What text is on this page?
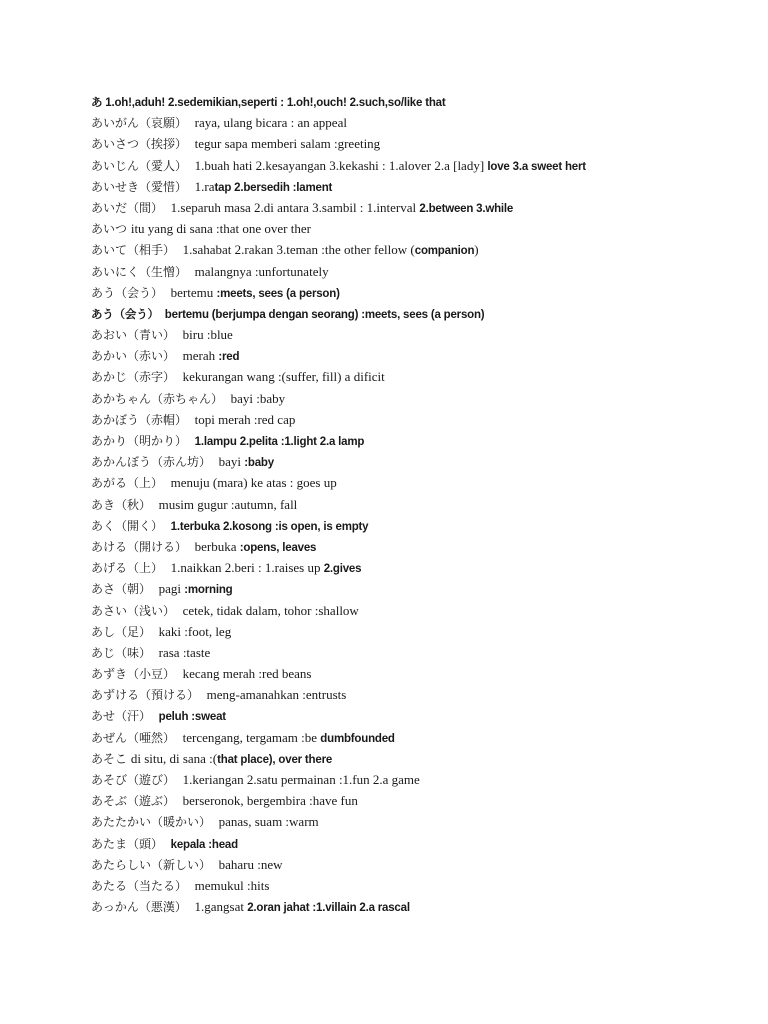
あ 1.oh!,aduh! 2.sedemikian,seperti : 1.oh!,ouch! 2.such,so/like that
あいがん（哀願）  raya, ulang bicara : an appeal
あいさつ（挨拶）  tegur sapa memberi salam :greeting
あいじん（愛人）  1.buah hati 2.kesayangan 3.kekashi : 1.alover 2.a [lady] love 3.a sweet hert
あいせき（愛惜）  1.ratap 2.bersedih :lament
あいだ（間）  1.separuh masa 2.di antara 3.sambil : 1.interval 2.between 3.while
あいつ itu yang di sana :that one over ther
あいて（相手）  1.sahabat 2.rakan 3.teman :the other fellow (companion)
あいにく（生憎）  malangnya :unfortunately
あう（会う）  bertemu :meets, sees (a person)
あう（会う）  bertemu (berjumpa dengan seorang) :meets, sees (a person)
あおい（青い）  biru :blue
あかい（赤い）  merah :red
あかじ（赤字）  kekurangan wang :(suffer, fill) a dificit
あかちゃん（赤ちゃん）  bayi :baby
あかぼう（赤帽）  topi merah :red cap
あかり（明かり）  1.lampu 2.pelita :1.light 2.a lamp
あかんぼう（赤ん坊）  bayi :baby
あがる（上）  menuju (mara) ke atas : goes up
あき（秋）  musim gugur :autumn, fall
あく（開く）  1.terbuka 2.kosong :is open, is empty
あける（開ける）  berbuka :opens, leaves
あげる（上）  1.naikkan 2.beri : 1.raises up 2.gives
あさ（朝）  pagi :morning
あさい（浅い）  cetek, tidak dalam, tohor :shallow
あし（足）  kaki :foot, leg
あじ（味）  rasa :taste
あずき（小豆）  kecang merah :red beans
あずける（預ける）  meng-amanahkan :entrusts
あせ（汗）  peluh :sweat
あぜん（唖然）  tercengang, tergamam :be dumbfounded
あそこ di situ, di sana :(that place), over there
あそび（遊び）  1.keriangan 2.satu permainan :1.fun 2.a game
あそぶ（遊ぶ）  berseronok, bergembira :have fun
あたたかい（暖かい）  panas, suam :warm
あたま（頭）  kepala :head
あたらしい（新しい）  baharu :new
あたる（当たる）  memukul :hits
あっかん（悪漢）  1.gangsat 2.oran jahat :1.villain 2.a rascal
